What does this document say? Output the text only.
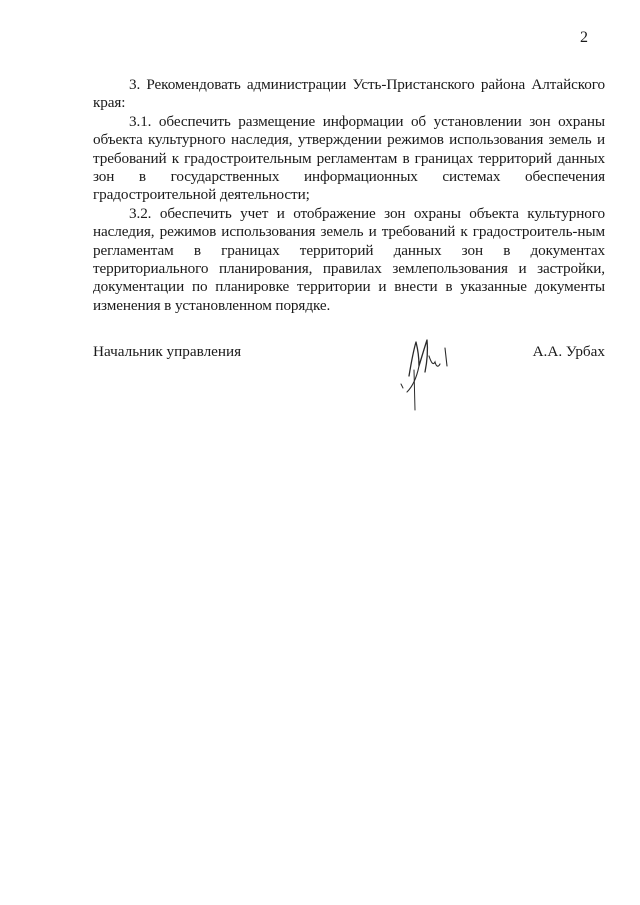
2

3. Рекомендовать администрации Усть-Пристанского района Алтайского края:

3.1. обеспечить размещение информации об установлении зон охраны объекта культурного наследия, утверждении режимов использования земель и требований к градостроительным регламентам в границах территорий данных зон в государственных информационных системах обеспечения градостроительной деятельности;

3.2. обеспечить учет и отображение зон охраны объекта культурного наследия, режимов использования земель и требований к градостроитель-ным регламентам в границах территорий данных зон в документах территориального планирования, правилах землепользования и застройки, документации по планировке территории и внести в указанные документы изменения в установленном порядке.

Начальник управления	А.А. Урбах
